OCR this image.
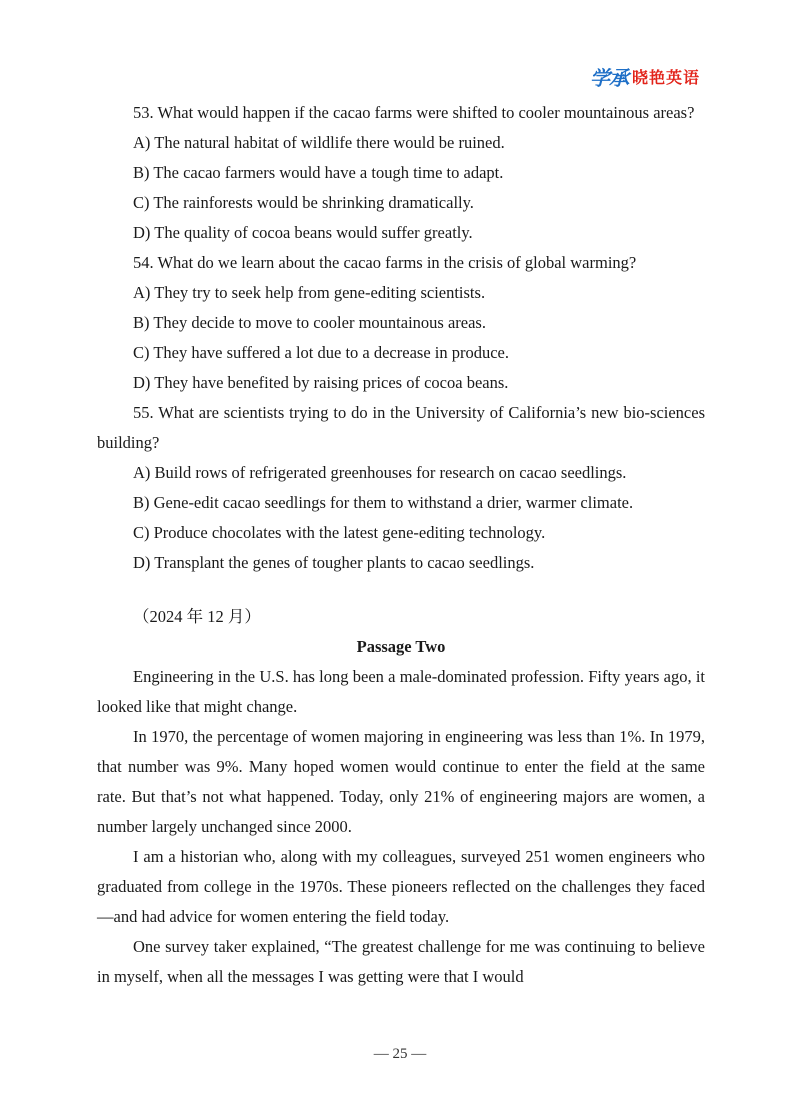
学承 晓艳英语

53. What would happen if the cacao farms were shifted to cooler mountainous areas?

A) The natural habitat of wildlife there would be ruined.

B) The cacao farmers would have a tough time to adapt.

C) The rainforests would be shrinking dramatically.

D) The quality of cocoa beans would suffer greatly.

54. What do we learn about the cacao farms in the crisis of global warming?

A) They try to seek help from gene-editing scientists.

B) They decide to move to cooler mountainous areas.

C) They have suffered a lot due to a decrease in produce.

D) They have benefited by raising prices of cocoa beans.

55. What are scientists trying to do in the University of California’s new bio-sciences building?

A) Build rows of refrigerated greenhouses for research on cacao seedlings.

B) Gene-edit cacao seedlings for them to withstand a drier, warmer climate.

C) Produce chocolates with the latest gene-editing technology.

D) Transplant the genes of tougher plants to cacao seedlings.

（2024 年 12 月）

Passage Two

Engineering in the U.S. has long been a male-dominated profession. Fifty years ago, it looked like that might change.

In 1970, the percentage of women majoring in engineering was less than 1%. In 1979, that number was 9%. Many hoped women would continue to enter the field at the same rate. But that’s not what happened. Today, only 21% of engineering majors are women, a number largely unchanged since 2000.

I am a historian who, along with my colleagues, surveyed 251 women engineers who graduated from college in the 1970s. These pioneers reflected on the challenges they faced—and had advice for women entering the field today.

One survey taker explained, “The greatest challenge for me was continuing to believe in myself, when all the messages I was getting were that I would

— 25 —
